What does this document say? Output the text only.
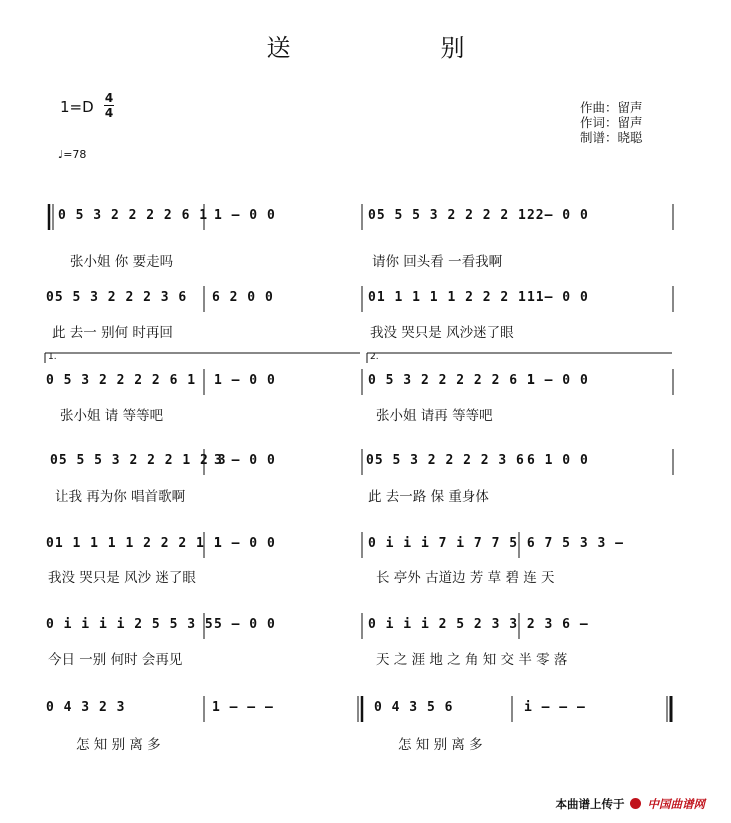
送	别
1=D 4
4	作曲：留声
作词：留声
制谱：晓聪
♩=78
0 5 3 2 2 2 2 6 1 1 – 0 0	05 5 5 3 2 2 2 2 1 2
2 – 0 0
张小姐 你 要走吗	请你 回头看 一看我啊
05 5 3 2 2 2 3 6 6 2 0 0	01 1 1 1 1 2 2 2 1 1
1 – 0 0
此 去一 别何 时再回	我没 哭只是 风沙迷了眼
1.	2.
0 5 3 2 2 2 2 6 1 1 – 0 0	0 5 3 2 2 2 2 2 6 1
1 – 0 0
张小姐 请 等等吧	张小姐 请再 等等吧
05 5 5 3 2 2 2 1 2 3
3 – 0 0	05 5 3 2 2 2 2 3 6 6 1 0 0
让我 再为你 唱首歌啊	此 去一路 保 重身体
01 1 1 1 1 2 2 2 1 1
1 – 0 0	0 i i i 7 i 7 7 5 6 7 5 3 3 –
我没 哭只是 风沙 迷了眼	长 亭外 古道边 芳 草 碧 连 天
0 i i i i 2 5 5 3 5 5 – 0 0	0 i i i 2 5 2 3 3 2 3 6 –
今日 一别 何时 会再见	天 之 涯 地 之 角 知 交 半 零 落
0 4 3 2 3	1 – – –	0 4 3 5 6	i – – –
怎 知 别 离 多	怎 知 别 离 多
本曲谱上传于 中国曲谱网
